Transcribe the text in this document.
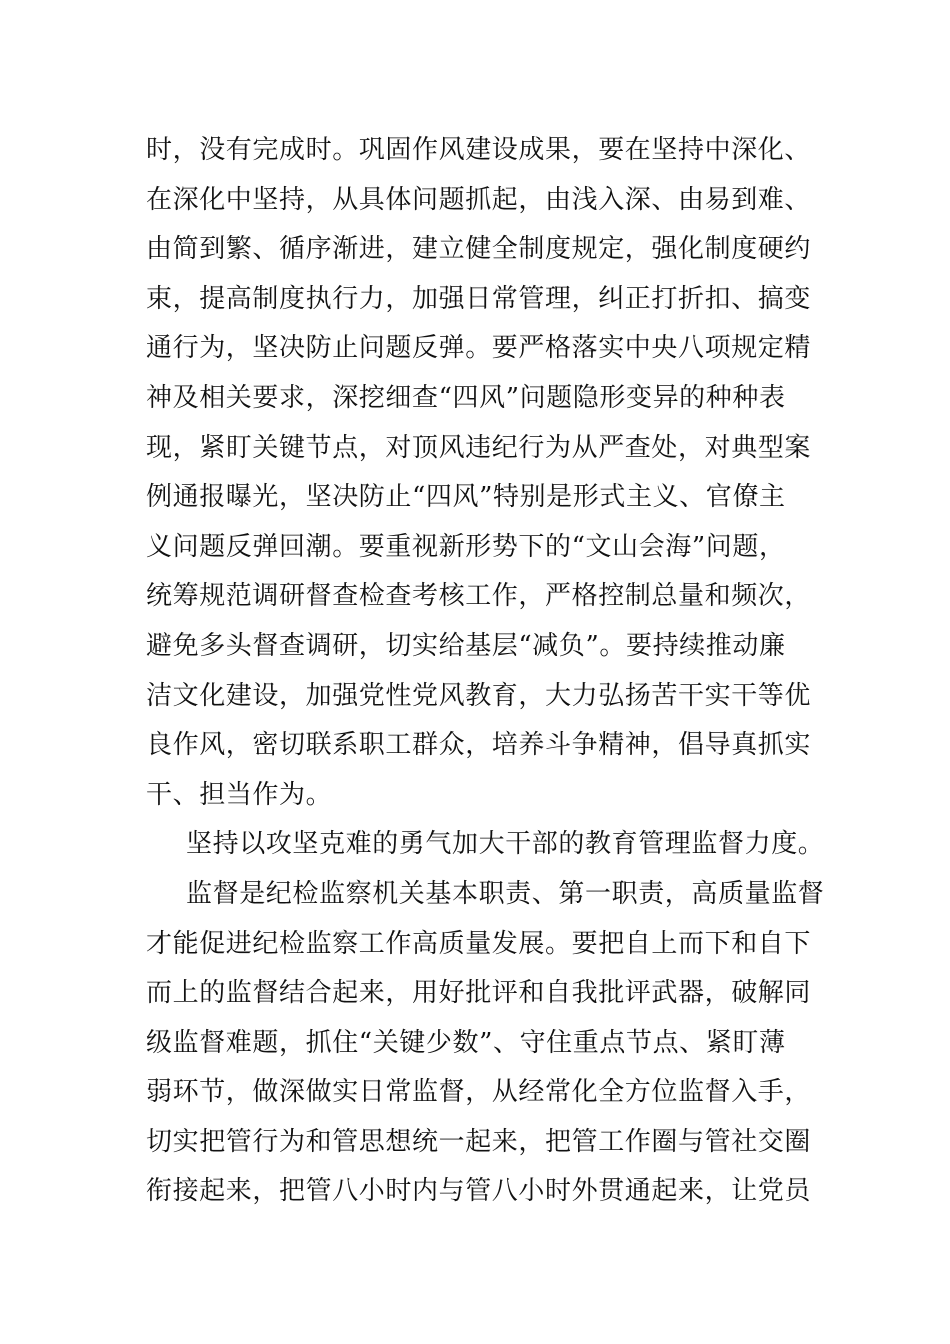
时，没有完成时。巩固作风建设成果，要在坚持中深化、
在深化中坚持，从具体问题抓起，由浅入深、由易到难、
由简到繁、循序渐进，建立健全制度规定，强化制度硬约
束，提高制度执行力，加强日常管理，纠正打折扣、搞变
通行为，坚决防止问题反弹。要严格落实中央八项规定精
神及相关要求，深挖细查“四风”问题隐形变异的种种表
现，紧盯关键节点，对顶风违纪行为从严查处，对典型案
例通报曝光，坚决防止“四风”特别是形式主义、官僚主
义问题反弹回潮。要重视新形势下的“文山会海”问题，
统筹规范调研督查检查考核工作，严格控制总量和频次，
避免多头督查调研，切实给基层“减负”。要持续推动廉
洁文化建设，加强党性党风教育，大力弘扬苦干实干等优
良作风，密切联系职工群众，培养斗争精神，倡导真抓实
干、担当作为。
坚持以攻坚克难的勇气加大干部的教育管理监督力度。
监督是纪检监察机关基本职责、第一职责，高质量监督
才能促进纪检监察工作高质量发展。要把自上而下和自下
而上的监督结合起来，用好批评和自我批评武器，破解同
级监督难题，抓住“关键少数”、守住重点节点、紧盯薄
弱环节，做深做实日常监督，从经常化全方位监督入手，
切实把管行为和管思想统一起来，把管工作圈与管社交圈
衔接起来，把管八小时内与管八小时外贯通起来，让党员
